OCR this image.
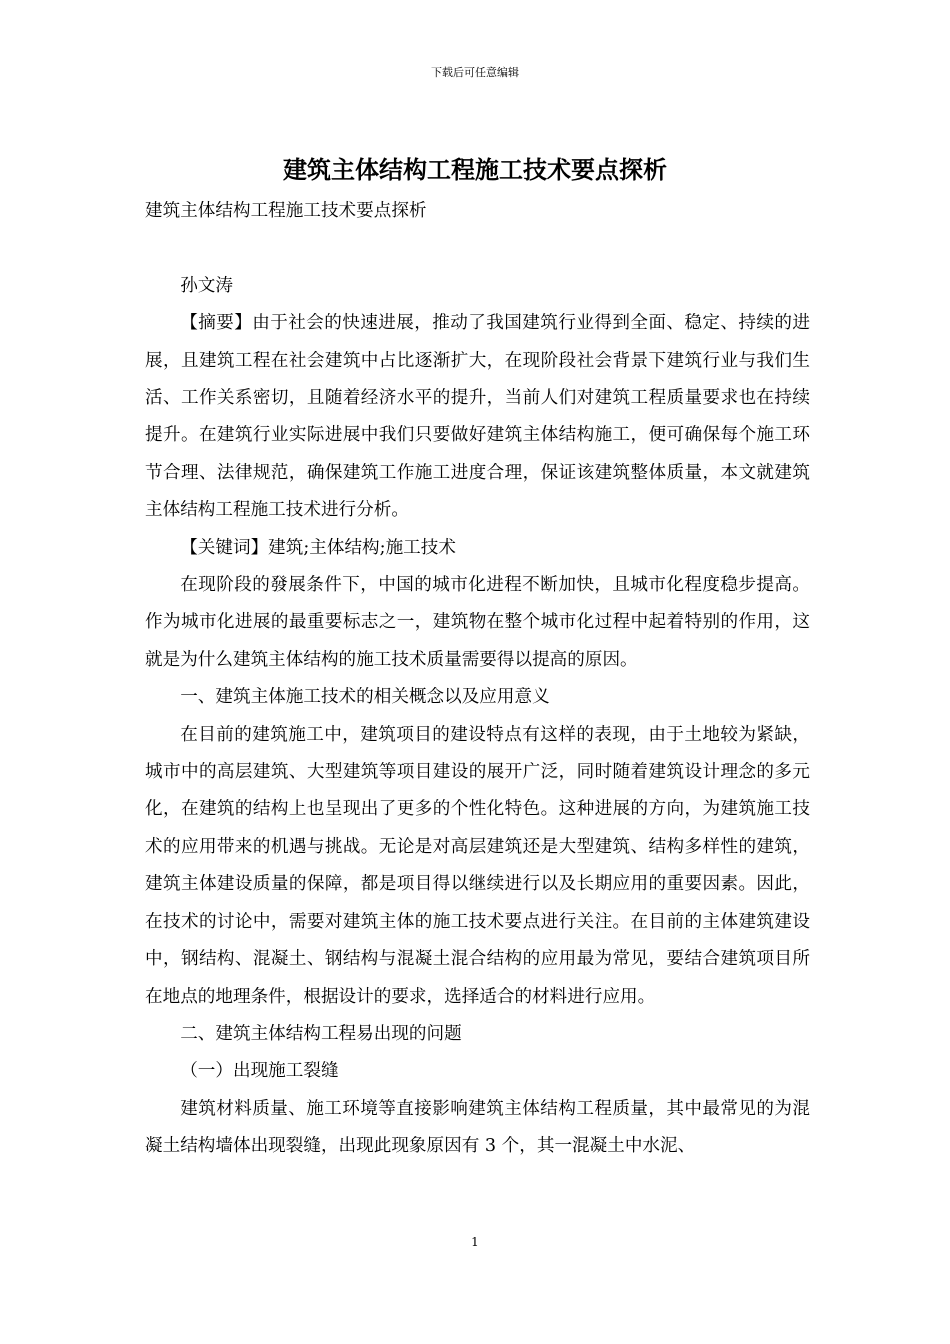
下载后可任意编辑
建筑主体结构工程施工技术要点探析

建筑主体结构工程施工技术要点探析

孙文涛

【摘要】由于社会的快速进展，推动了我国建筑行业得到全面、稳定、持续的进展，且建筑工程在社会建筑中占比逐渐扩大，在现阶段社会背景下建筑行业与我们生活、工作关系密切，且随着经济水平的提升，当前人们对建筑工程质量要求也在持续提升。在建筑行业实际进展中我们只要做好建筑主体结构施工，便可确保每个施工环节合理、法律规范，确保建筑工作施工进度合理，保证该建筑整体质量，本文就建筑主体结构工程施工技术进行分析。

【关键词】建筑;主体结构;施工技术

在现阶段的發展条件下，中国的城市化进程不断加快，且城市化程度稳步提高。作为城市化进展的最重要标志之一，建筑物在整个城市化过程中起着特别的作用，这就是为什么建筑主体结构的施工技术质量需要得以提高的原因。

一、建筑主体施工技术的相关概念以及应用意义

在目前的建筑施工中，建筑项目的建设特点有这样的表现，由于土地较为紧缺，城市中的高层建筑、大型建筑等项目建设的展开广泛，同时随着建筑设计理念的多元化，在建筑的结构上也呈现出了更多的个性化特色。这种进展的方向，为建筑施工技术的应用带来的机遇与挑战。无论是对高层建筑还是大型建筑、结构多样性的建筑，建筑主体建设质量的保障，都是项目得以继续进行以及长期应用的重要因素。因此，在技术的讨论中，需要对建筑主体的施工技术要点进行关注。在目前的主体建筑建设中，钢结构、混凝土、钢结构与混凝土混合结构的应用最为常见，要结合建筑项目所在地点的地理条件，根据设计的要求，选择适合的材料进行应用。

二、建筑主体结构工程易出现的问题

（一）出现施工裂缝

建筑材料质量、施工环境等直接影响建筑主体结构工程质量，其中最常见的为混凝土结构墙体出现裂缝，出现此现象原因有 3 个，其一混凝土中水泥、

1
